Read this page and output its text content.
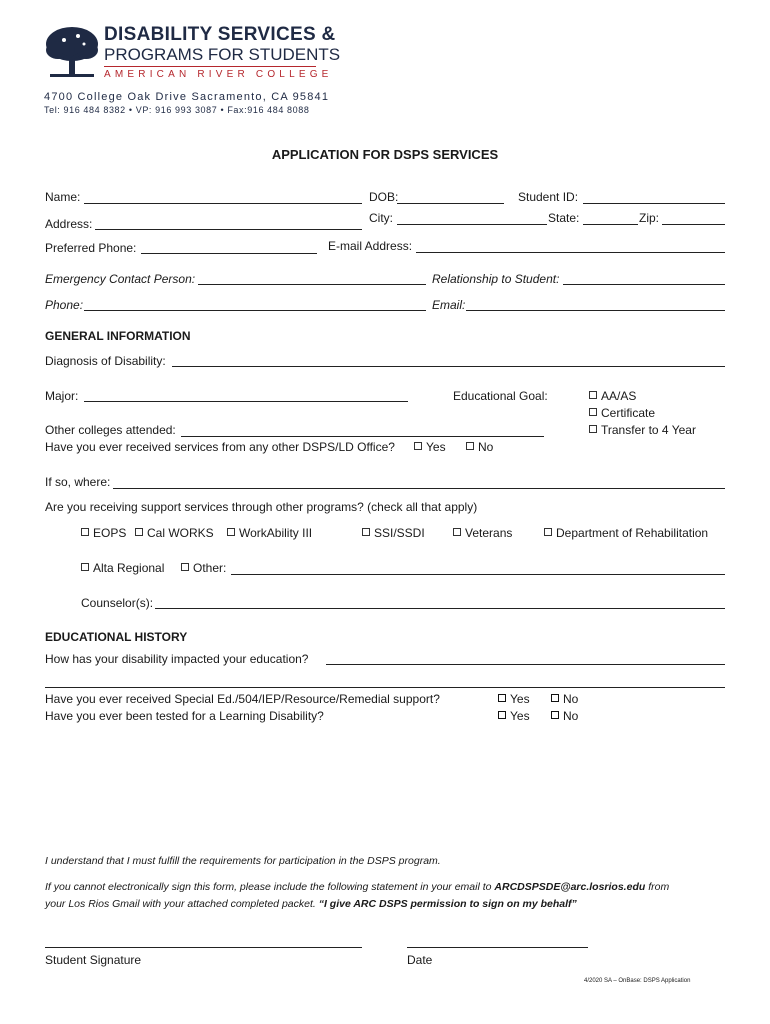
DISABILITY SERVICES &
PROGRAMS FOR STUDENTS
AMERICAN RIVER COLLEGE
4700 College Oak Drive Sacramento, CA 95841
Tel: 916 484 8382 • VP: 916 993 3087 • Fax:916 484 8088
APPLICATION FOR DSPS SERVICES
Name:	DOB:	Student ID:
Address:	City:	State:	Zip:
Preferred Phone:	E-mail Address:
Emergency Contact Person:	Relationship to Student:
Phone:	Email:
GENERAL INFORMATION
Diagnosis of Disability:
Major:	Educational Goal:	AA/AS
Certificate
Transfer to 4 Year
Other colleges attended:
Have you ever received services from any other DSPS/LD Office?	Yes	No
If so, where:
Are you receiving support services through other programs? (check all that apply)
EOPS	Cal WORKS	WorkAbility III	SSI/SSDI	Veterans	Department of Rehabilitation
Alta Regional	Other:
Counselor(s):
EDUCATIONAL HISTORY
How has your disability impacted your education?
Have you ever received Special Ed./504/IEP/Resource/Remedial support?	Yes	No
Have you ever been tested for a Learning Disability?	Yes	No
I understand that I must fulfill the requirements for participation in the DSPS program.
If you cannot electronically sign this form, please include the following statement in your email to ARCDSPSDE@arc.losrios.edu from
your Los Rios Gmail with your attached completed packet. “I give ARC DSPS permission to sign on my behalf”
Student Signature	Date
4/2020 SA – OnBase: DSPS Application
